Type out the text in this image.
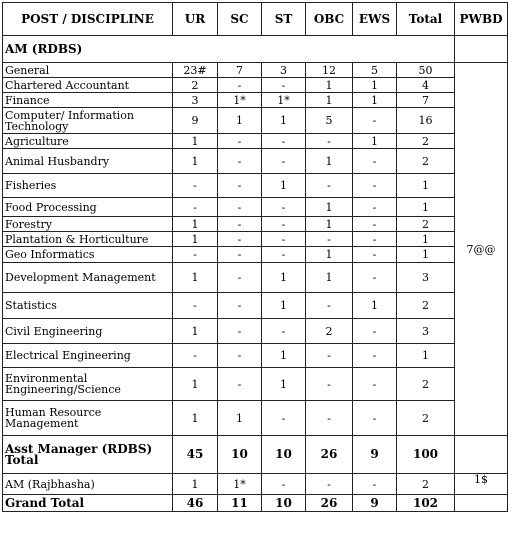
POST / DISCIPLINE	UR	SC	ST	OBC	EWS	Total	PWBD
AM (RDBS)							
General	23#	7	3	12	5	50	7@@
Chartered Accountant	2	-	-	1	1	4	
Finance	3	1*	1*	1	1	7	
Computer/ Information Technology	9	1	1	5	-	16	
Agriculture	1	-	-	-	1	2	
Animal Husbandry	1	-	-	1	-	2	
Fisheries	-	-	1	-	-	1	
Food Processing	-	-	-	1	-	1	
Forestry	1	-	-	1	-	2	
Plantation & Horticulture	1	-	-	-	-	1	
Geo Informatics	-	-	-	1	-	1	
Development Management	1	-	1	1	-	3	
Statistics	-	-	1	-	1	2	
Civil Engineering	1	-	-	2	-	3	
Electrical Engineering	-	-	1	-	-	1	
Environmental Engineering/Science	1	-	1	-	-	2	
Human Resource Management	1	1	-	-	-	2	
Asst Manager (RDBS) Total	45	10	10	26	9	100	
AM (Rajbhasha)	1	1*	-	-	-	2	1$
Grand Total	46	11	10	26	9	102	
